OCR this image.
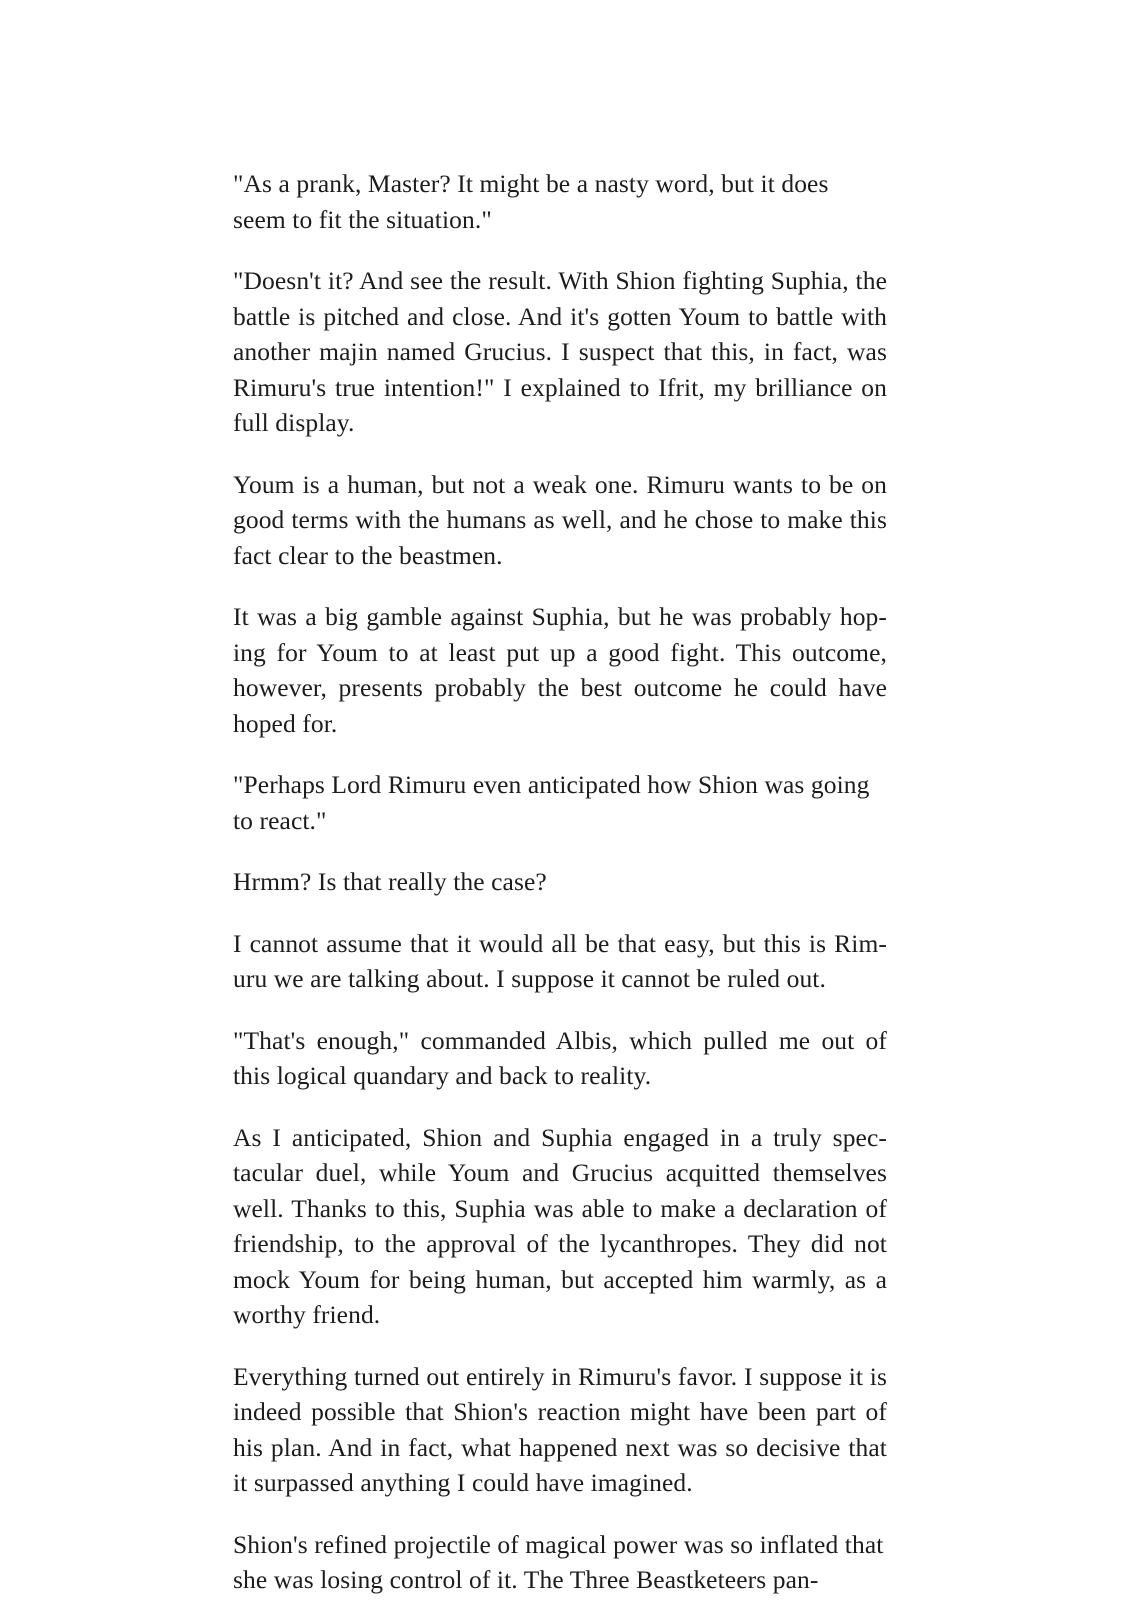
"As a prank, Master? It might be a nasty word, but it does seem to fit the situation."

"Doesn't it? And see the result. With Shion fighting Suphia, the battle is pitched and close. And it's gotten Youm to battle with another majin named Grucius. I suspect that this, in fact, was Rimuru's true intention!" I explained to Ifrit, my brilliance on full display.

Youm is a human, but not a weak one. Rimuru wants to be on good terms with the humans as well, and he chose to make this fact clear to the beastmen.

It was a big gamble against Suphia, but he was probably hop-ing for Youm to at least put up a good fight. This outcome, however, presents probably the best outcome he could have hoped for.

"Perhaps Lord Rimuru even anticipated how Shion was going to react."

Hrmm? Is that really the case?

I cannot assume that it would all be that easy, but this is Rim-uru we are talking about. I suppose it cannot be ruled out.

"That's enough," commanded Albis, which pulled me out of this logical quandary and back to reality.

As I anticipated, Shion and Suphia engaged in a truly spec-tacular duel, while Youm and Grucius acquitted themselves well. Thanks to this, Suphia was able to make a declaration of friendship, to the approval of the lycanthropes. They did not mock Youm for being human, but accepted him warmly, as a worthy friend.

Everything turned out entirely in Rimuru's favor. I suppose it is indeed possible that Shion's reaction might have been part of his plan. And in fact, what happened next was so decisive that it surpassed anything I could have imagined.

Shion's refined projectile of magical power was so inflated that she was losing control of it. The Three Beastketeers pan-
